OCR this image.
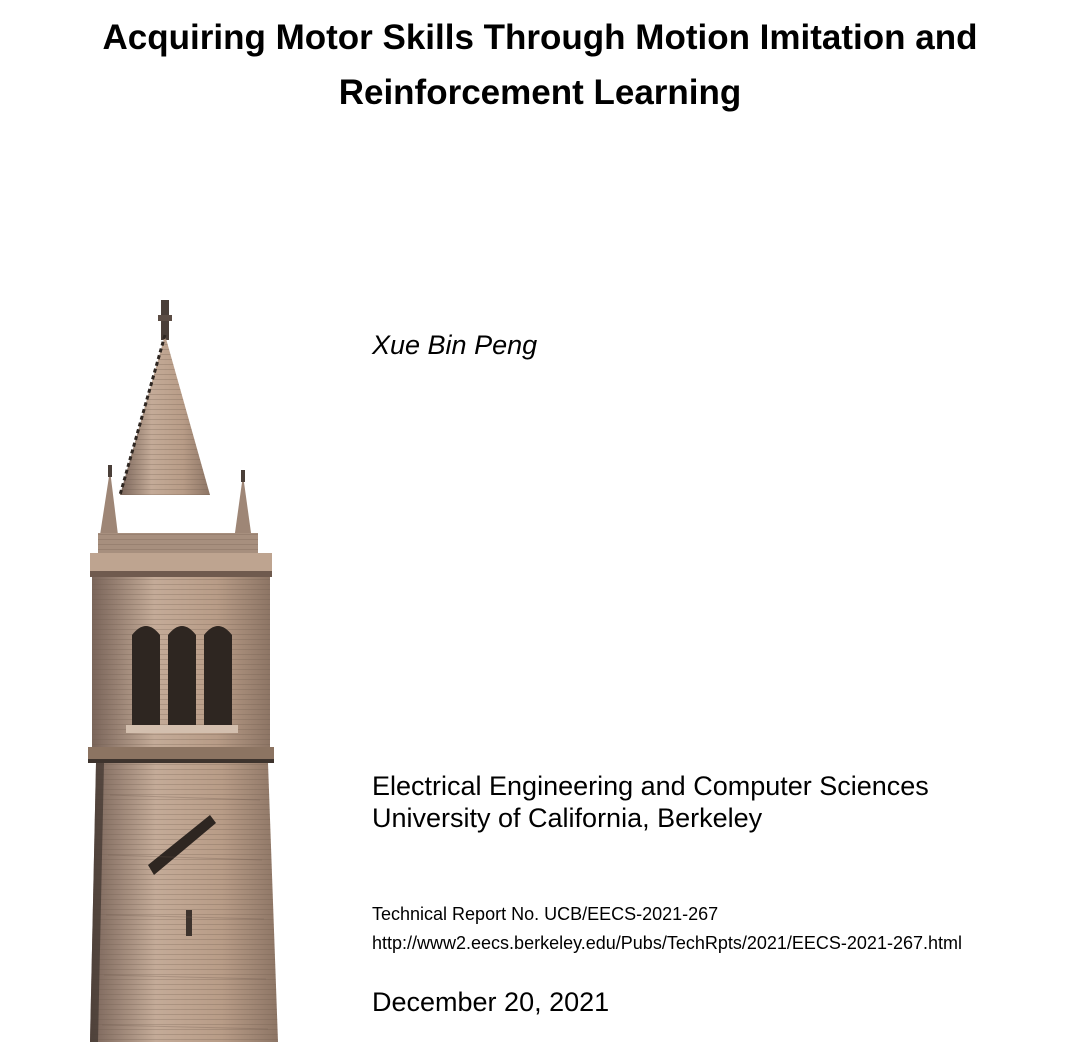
Acquiring Motor Skills Through Motion Imitation and
Reinforcement Learning
Xue Bin Peng
Electrical Engineering and Computer Sciences
University of California, Berkeley
Technical Report No. UCB/EECS-2021-267
http://www2.eecs.berkeley.edu/Pubs/TechRpts/2021/EECS-2021-267.html
December 20, 2021
